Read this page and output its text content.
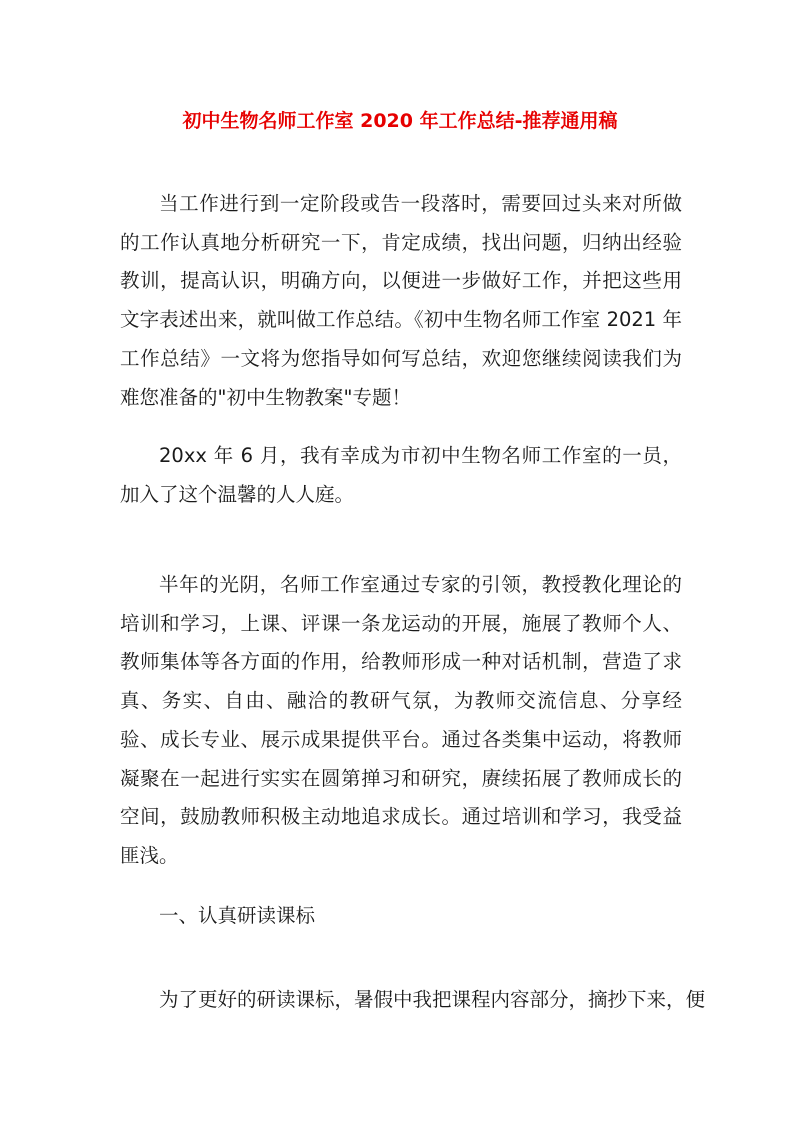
初中生物名师工作室 2020 年工作总结-推荐通用稿

当工作进行到一定阶段或告一段落时，需要回过头来对所做的工作认真地分析研究一下，肯定成绩，找出问题，归纳出经验教训，提高认识，明确方向，以便进一步做好工作，并把这些用文字表述出来，就叫做工作总结。《初中生物名师工作室 2021 年工作总结》一文将为您指导如何写总结，欢迎您继续阅读我们为难您准备的"初中生物教案"专题！

20xx 年 6 月，我有幸成为市初中生物名师工作室的一员，加入了这个温馨的人人庭。

半年的光阴，名师工作室通过专家的引领，教授教化理论的培训和学习，上课、评课一条龙运动的开展，施展了教师个人、教师集体等各方面的作用，给教师形成一种对话机制，营造了求真、务实、自由、融洽的教研气氛，为教师交流信息、分享经验、成长专业、展示成果提供平台。通过各类集中运动，将教师凝聚在一起进行实实在圆第掸习和研究，赓续拓展了教师成长的空间，鼓励教师积极主动地追求成长。通过培训和学习，我受益匪浅。

一、认真研读课标

为了更好的研读课标，暑假中我把课程内容部分，摘抄下来，便
